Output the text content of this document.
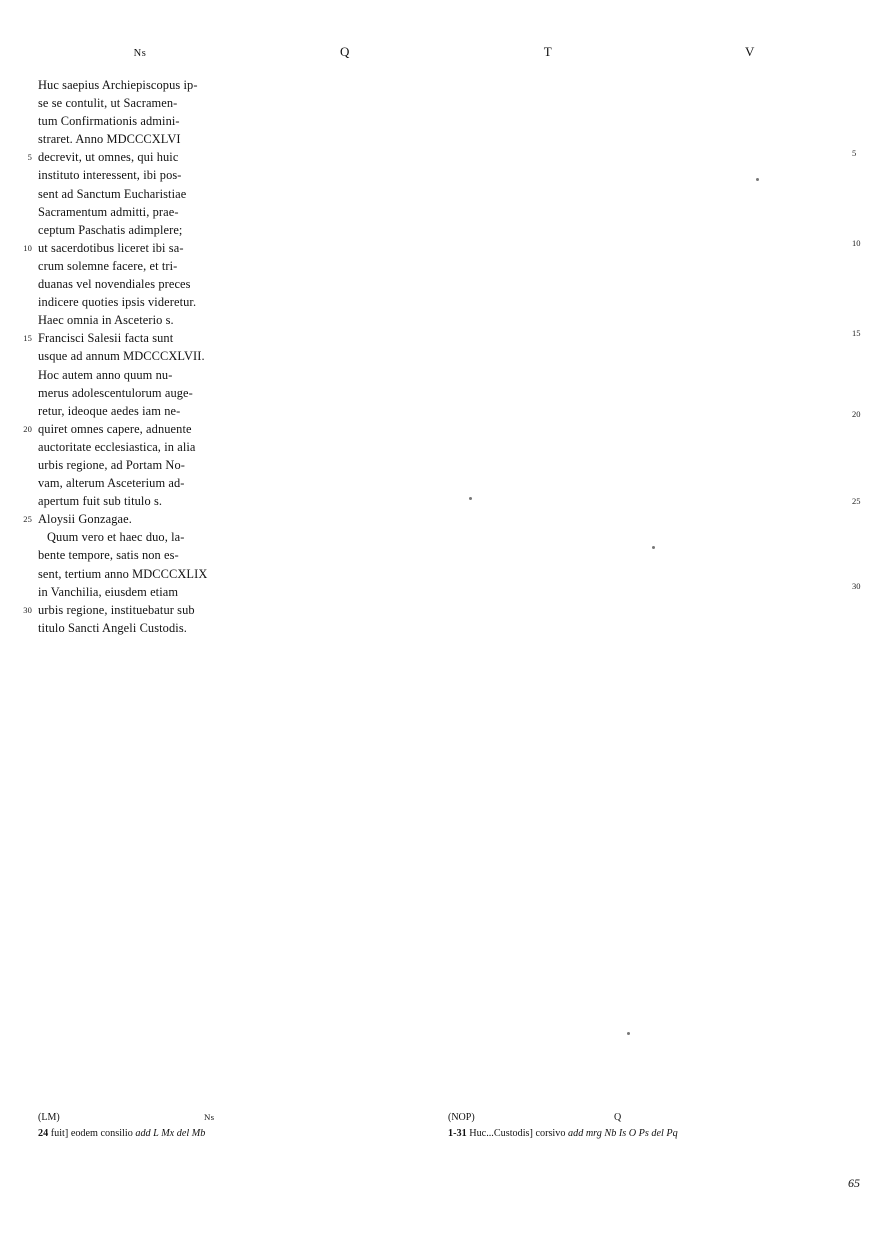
Ns	Q	T	V
Huc saepius Archiepiscopus ip-
se se contulit, ut Sacramen-
tum Confirmationis admini-
straret. Anno MDCCCXLVI
5 decrevit, ut omnes, qui huic
instituto interessent, ibi pos-
sent ad Sanctum Eucharistiae
Sacramentum admitti, prae-
ceptum Paschatis adimplere;
10 ut sacerdotibus liceret ibi sa-
crum solemne facere, et tri-
duanas vel novendiales preces
indicere quoties ipsis videretur.
Haec omnia in Asceterio s.
15 Francisci Salesii facta sunt
usque ad annum MDCCCXLVII.
Hoc autem anno quum nu-
merus adolescentulorum auge-
retur, ideoque aedes iam ne-
20 quiret omnes capere, adnuente
auctoritate ecclesiastica, in alia
urbis regione, ad Portam No-
vam, alterum Asceterium ad-
apertum fuit sub titulo s.
25 Aloysii Gonzagae.
Quum vero et haec duo, la-
bente tempore, satis non es-
sent, tertium anno MDCCCXLIX
in Vanchilia, eiusdem etiam
30 urbis regione, instituebatur sub
titulo Sancti Angeli Custodis.
5
10
15
20
25
30
(LM)	Ns
24 fuit] eodem consilio add L Mx del Mb
(NOP)	Q
1-31 Huc...Custodis] corsivo add mrg Nb Is O Ps del Pq
65
